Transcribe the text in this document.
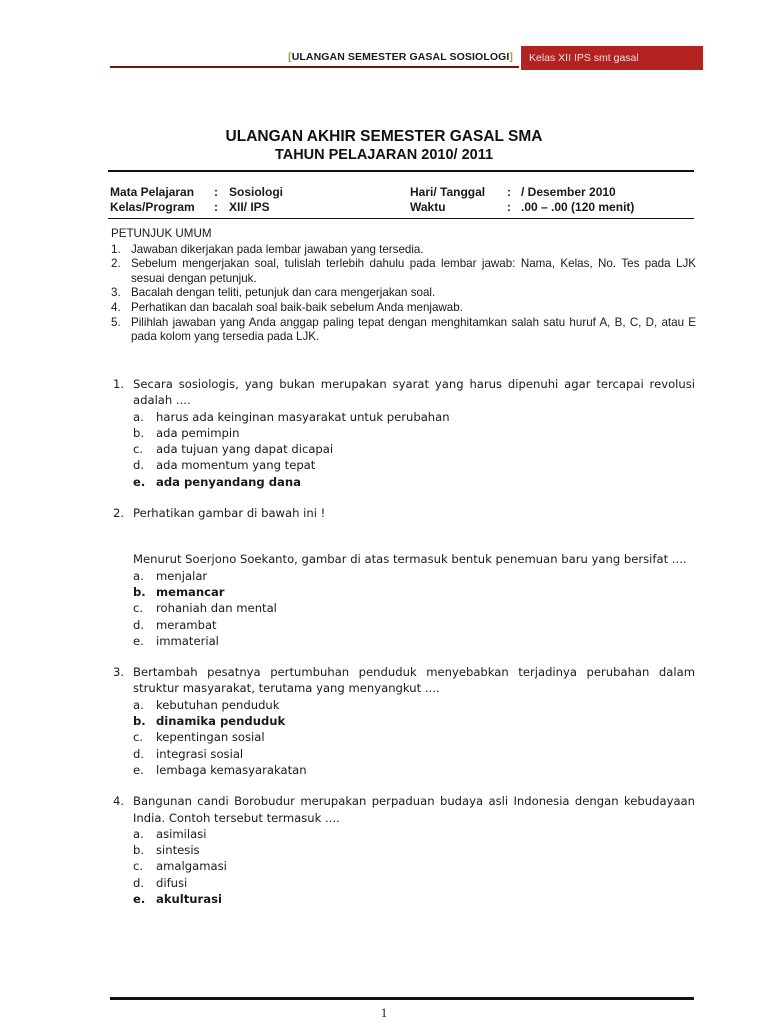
[ULANGAN SEMESTER GASAL SOSIOLOGI]	Kelas XII IPS smt gasal
ULANGAN AKHIR SEMESTER GASAL SMA
TAHUN PELAJARAN 2010/ 2011
Mata Pelajaran : Sosiologi
Kelas/Program : XII/ IPS
Hari/ Tanggal : / Desember 2010
Waktu	: .00 – .00 (120 menit)
PETUNJUK UMUM
1. Jawaban dikerjakan pada lembar jawaban yang tersedia.
2. Sebelum mengerjakan soal, tulislah terlebih dahulu pada lembar jawab: Nama, Kelas, No. Tes pada LJK sesuai dengan petunjuk.
3. Bacalah dengan teliti, petunjuk dan cara mengerjakan soal.
4. Perhatikan dan bacalah soal baik-baik sebelum Anda menjawab.
5. Pilihlah jawaban yang Anda anggap paling tepat dengan menghitamkan salah satu huruf A, B, C, D, atau E pada kolom yang tersedia pada LJK.
1. Secara sosiologis, yang bukan merupakan syarat yang harus dipenuhi agar tercapai revolusi adalah ....
a. harus ada keinginan masyarakat untuk perubahan
b. ada pemimpin
c. ada tujuan yang dapat dicapai
d. ada momentum yang tepat
e. ada penyandang dana
2. Perhatikan gambar di bawah ini !
Menurut Soerjono Soekanto, gambar di atas termasuk bentuk penemuan baru yang bersifat ....
a. menjalar
b. memancar
c. rohaniah dan mental
d. merambat
e. immaterial
3. Bertambah pesatnya pertumbuhan penduduk menyebabkan terjadinya perubahan dalam struktur masyarakat, terutama yang menyangkut ....
a. kebutuhan penduduk
b. dinamika penduduk
c. kepentingan sosial
d. integrasi sosial
e. lembaga kemasyarakatan
4. Bangunan candi Borobudur merupakan perpaduan budaya asli Indonesia dengan kebudayaan India. Contoh tersebut termasuk ....
a. asimilasi
b. sintesis
c. amalgamasi
d. difusi
e. akulturasi
1
